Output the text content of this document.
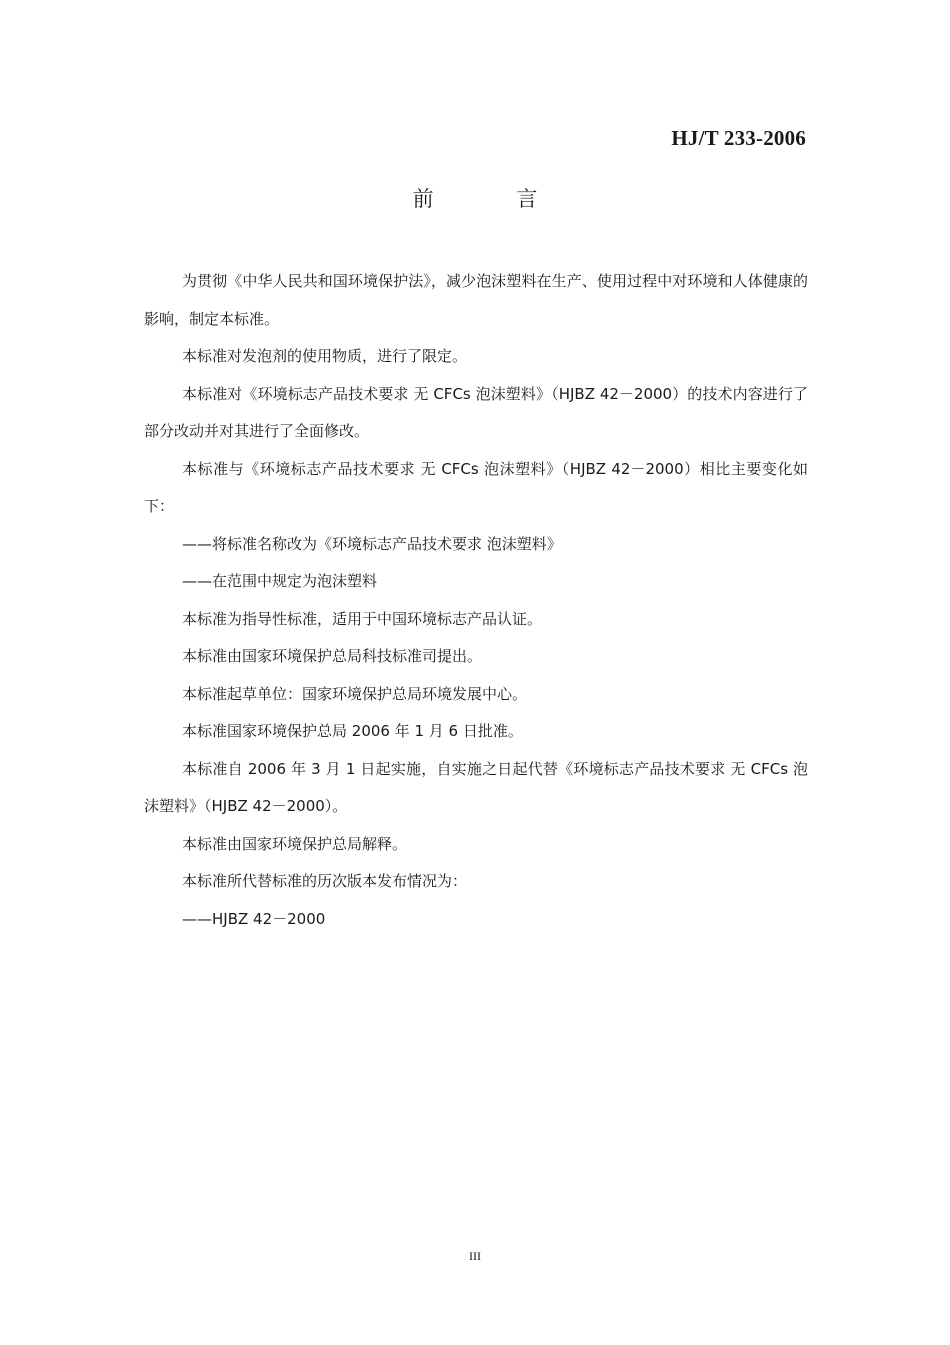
HJ/T 233-2006
前 言

为贯彻《中华人民共和国环境保护法》，减少泡沫塑料在生产、使用过程中对环境和人体健康的影响，制定本标准。

本标准对发泡剂的使用物质，进行了限定。

本标准对《环境标志产品技术要求 无 CFCs 泡沫塑料》（HJBZ 42－2000）的技术内容进行了部分改动并对其进行了全面修改。

本标准与《环境标志产品技术要求 无 CFCs 泡沫塑料》（HJBZ 42－2000）相比主要变化如下：

——将标准名称改为《环境标志产品技术要求 泡沫塑料》

——在范围中规定为泡沫塑料

本标准为指导性标准，适用于中国环境标志产品认证。

本标准由国家环境保护总局科技标准司提出。

本标准起草单位：国家环境保护总局环境发展中心。

本标准国家环境保护总局 2006 年 1 月 6 日批准。

本标准自 2006 年 3 月 1 日起实施，自实施之日起代替《环境标志产品技术要求 无 CFCs 泡沫塑料》（HJBZ 42－2000）。

本标准由国家环境保护总局解释。

本标准所代替标准的历次版本发布情况为：

——HJBZ 42－2000

III
